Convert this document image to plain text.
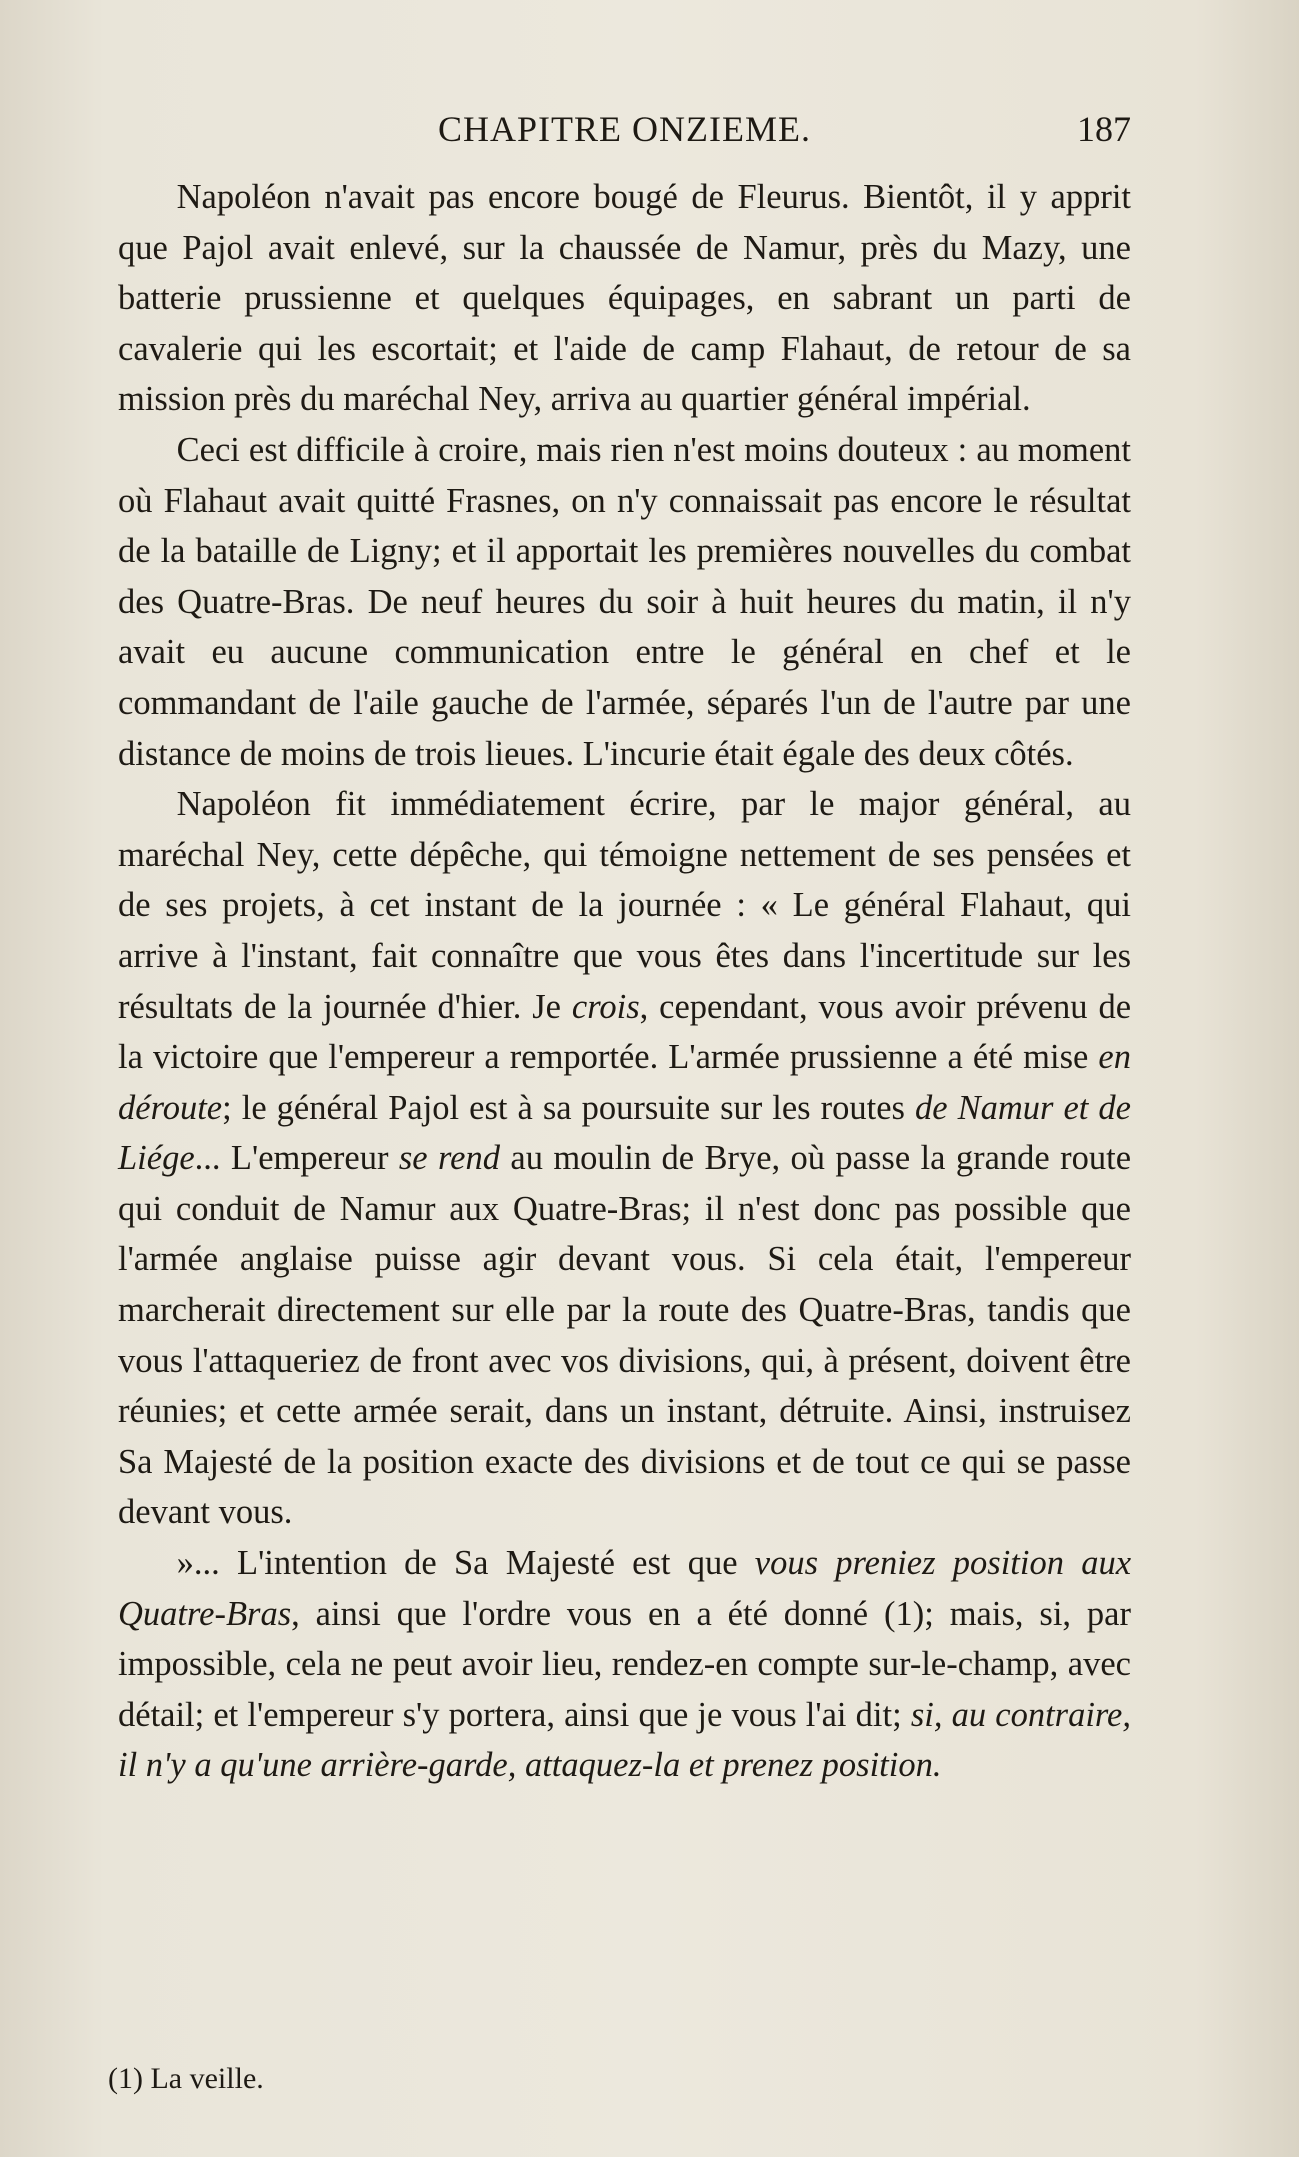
CHAPITRE ONZIEME.	187

Napoléon n'avait pas encore bougé de Fleurus. Bientôt, il y apprit que Pajol avait enlevé, sur la chaussée de Namur, près du Mazy, une batterie prussienne et quelques équipages, en sabrant un parti de cavalerie qui les escortait; et l'aide de camp Flahaut, de retour de sa mission près du maréchal Ney, arriva au quartier général impérial.

Ceci est difficile à croire, mais rien n'est moins douteux : au moment où Flahaut avait quitté Frasnes, on n'y connaissait pas encore le résultat de la bataille de Ligny; et il apportait les premières nouvelles du combat des Quatre-Bras. De neuf heures du soir à huit heures du matin, il n'y avait eu aucune communication entre le général en chef et le commandant de l'aile gauche de l'armée, séparés l'un de l'autre par une distance de moins de trois lieues. L'incurie était égale des deux côtés.

Napoléon fit immédiatement écrire, par le major général, au maréchal Ney, cette dépêche, qui témoigne nettement de ses pensées et de ses projets, à cet instant de la journée : « Le général Flahaut, qui arrive à l'instant, fait connaître que vous êtes dans l'incertitude sur les résultats de la journée d'hier. Je crois, cependant, vous avoir prévenu de la victoire que l'empereur a remportée. L'armée prussienne a été mise en déroute; le général Pajol est à sa poursuite sur les routes de Namur et de Liége... L'empereur se rend au moulin de Brye, où passe la grande route qui conduit de Namur aux Quatre-Bras; il n'est donc pas possible que l'armée anglaise puisse agir devant vous. Si cela était, l'empereur marcherait directement sur elle par la route des Quatre-Bras, tandis que vous l'attaqueriez de front avec vos divisions, qui, à présent, doivent être réunies; et cette armée serait, dans un instant, détruite. Ainsi, instruisez Sa Majesté de la position exacte des divisions et de tout ce qui se passe devant vous.

»... L'intention de Sa Majesté est que vous preniez position aux Quatre-Bras, ainsi que l'ordre vous en a été donné (1); mais, si, par impossible, cela ne peut avoir lieu, rendez-en compte sur-le-champ, avec détail; et l'empereur s'y portera, ainsi que je vous l'ai dit; si, au contraire, il n'y a qu'une arrière-garde, attaquez-la et prenez position.

(1) La veille.
